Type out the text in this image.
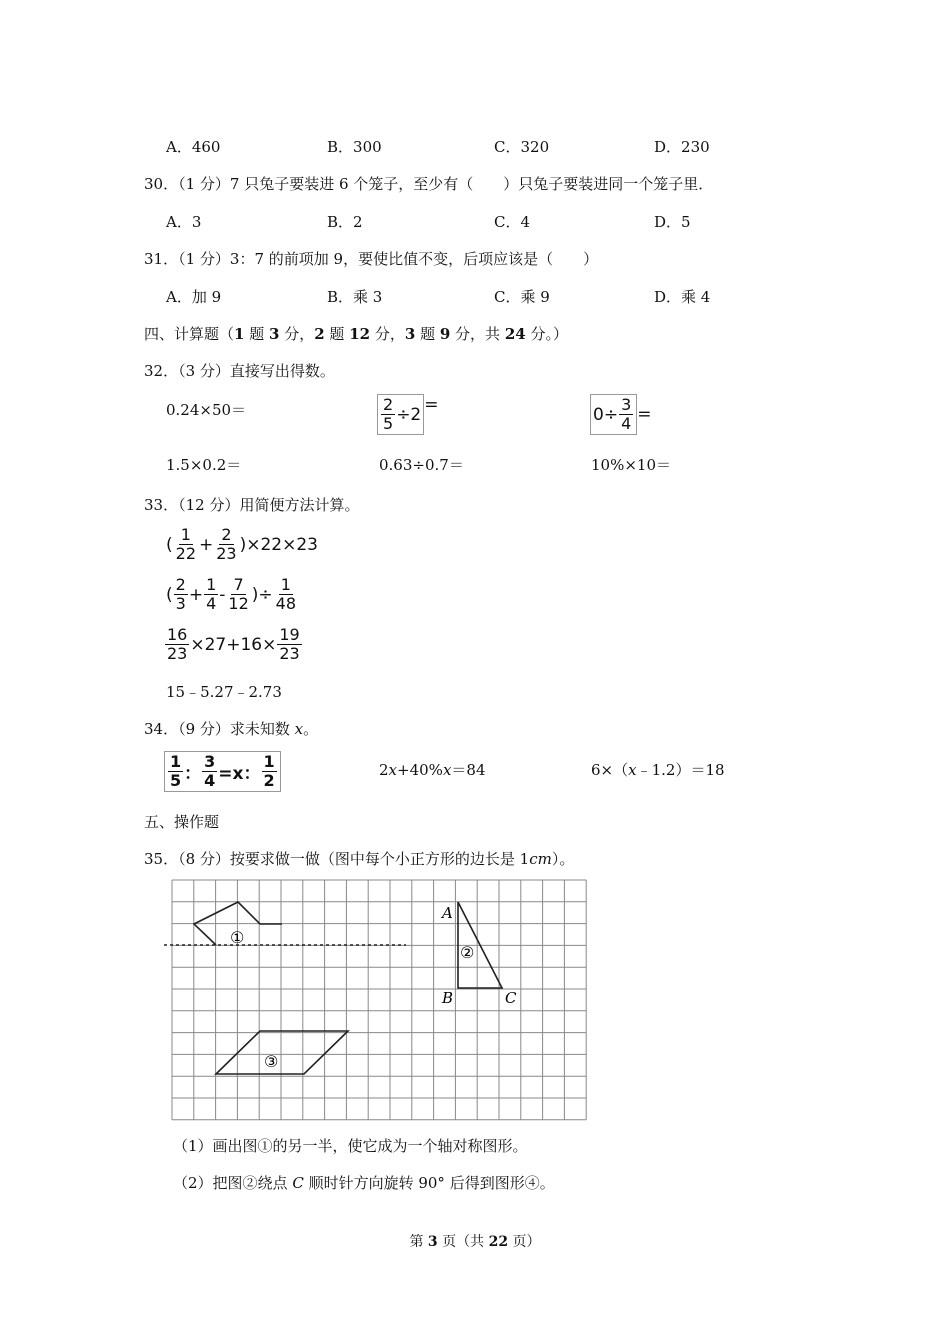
A．460	B．300	C．320	D．230
30．（1 分）7 只兔子要装进 6 个笼子，至少有（　　）只兔子要装进同一个笼子里．
A．3	B．2	C．4	D．5
31．（1 分）3：7 的前项加 9，要使比值不变，后项应该是（　　）
A．加 9	B．乘 3	C．乘 9	D．乘 4
四、计算题（1 题 3 分，2 题 12 分，3 题 9 分，共 24 分。）
32．（3 分）直接写出得数。
0.24×50＝	$\frac{2}{5} \div 2$ =	$0\div \frac{3}{4}$ =
1.5×0.2＝	0.63÷0.7＝	10%×10＝
33．（12 分）用简便方法计算。
( $\frac{1}{22} + \frac{2}{23} )\times 22\times 23$
( $\frac{2}{3} + \frac{1}{4} - \frac{7}{12}$ )÷ $\frac{1}{48}$
$\frac{16}{23} \times 27+16\times \frac{19}{23}$
15﹣5.27﹣2.73
34．（9 分）求未知数 x。
$\frac{1}{5}$ ： $\frac{3}{4} =x$： $\frac{1}{2}$	2x+40%x＝84	6×（x﹣1.2）＝18
五、操作题
35．（8 分）按要求做一做（图中每个小正方形的边长是 1cm）。
①
②
③
A
B	C
（1）画出图①的另一半，使它成为一个轴对称图形。
（2）把图②绕点 C 顺时针方向旋转 90° 后得到图形④。
第 3 页（共 22 页）
